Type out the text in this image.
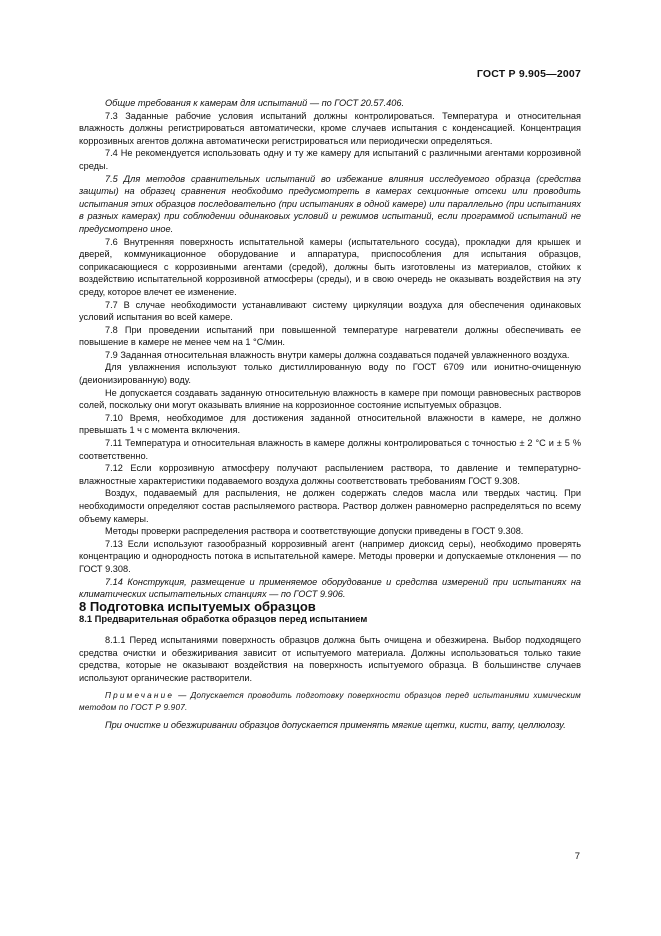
ГОСТ Р 9.905—2007

Общие требования к камерам для испытаний — по ГОСТ 20.57.406.

7.3 Заданные рабочие условия испытаний должны контролироваться. Температура и относительная влажность должны регистрироваться автоматически, кроме случаев испытания с конденсацией. Концентрация коррозивных агентов должна автоматически регистрироваться или периодически определяться.

7.4 Не рекомендуется использовать одну и ту же камеру для испытаний с различными агентами коррозивной среды.

7.5 Для методов сравнительных испытаний во избежание влияния исследуемого образца (средства защиты) на образец сравнения необходимо предусмотреть в камерах секционные отсеки или проводить испытания этих образцов последовательно (при испытаниях в одной камере) или параллельно (при испытаниях в разных камерах) при соблюдении одинаковых условий и режимов испытаний, если программой испытаний не предусмотрено иное.

7.6 Внутренняя поверхность испытательной камеры (испытательного сосуда), прокладки для крышек и дверей, коммуникационное оборудование и аппаратура, приспособления для испытания образцов, соприкасающиеся с коррозивными агентами (средой), должны быть изготовлены из материалов, стойких к воздействию испытательной коррозивной атмосферы (среды), и в свою очередь не оказывать воздействия на эту среду, которое влечет ее изменение.

7.7 В случае необходимости устанавливают систему циркуляции воздуха для обеспечения одинаковых условий испытания во всей камере.

7.8 При проведении испытаний при повышенной температуре нагреватели должны обеспечивать ее повышение в камере не менее чем на 1 °С/мин.

7.9 Заданная относительная влажность внутри камеры должна создаваться подачей увлажненного воздуха.

Для увлажнения используют только дистиллированную воду по ГОСТ 6709 или ионитно-очищенную (деионизированную) воду.

Не допускается создавать заданную относительную влажность в камере при помощи равновесных растворов солей, поскольку они могут оказывать влияние на коррозионное состояние испытуемых образцов.

7.10 Время, необходимое для достижения заданной относительной влажности в камере, не должно превышать 1 ч с момента включения.

7.11 Температура и относительная влажность в камере должны контролироваться с точностью ± 2 °С и ± 5 % соответственно.

7.12 Если коррозивную атмосферу получают распылением раствора, то давление и температурно-влажностные характеристики подаваемого воздуха должны соответствовать требованиям ГОСТ 9.308.

Воздух, подаваемый для распыления, не должен содержать следов масла или твердых частиц. При необходимости определяют состав распыляемого раствора. Раствор должен равномерно распределяться по всему объему камеры.

Методы проверки распределения раствора и соответствующие допуски приведены в ГОСТ 9.308.

7.13 Если используют газообразный коррозивный агент (например диоксид серы), необходимо проверять концентрацию и однородность потока в испытательной камере. Методы проверки и допускаемые отклонения — по ГОСТ 9.308.

7.14 Конструкция, размещение и применяемое оборудование и средства измерений при испытаниях на климатических испытательных станциях — по ГОСТ 9.906.

8 Подготовка испытуемых образцов

8.1 Предварительная обработка образцов перед испытанием

8.1.1 Перед испытаниями поверхность образцов должна быть очищена и обезжирена. Выбор подходящего средства очистки и обезжиривания зависит от испытуемого материала. Должны использоваться только такие средства, которые не оказывают воздействия на поверхность испытуемого образца. В большинстве случаев используют органические растворители.

Примечание — Допускается проводить подготовку поверхности образцов перед испытаниями химическим методом по ГОСТ Р 9.907.

При очистке и обезжиривании образцов допускается применять мягкие щетки, кисти, вату, целлюлозу.

7
